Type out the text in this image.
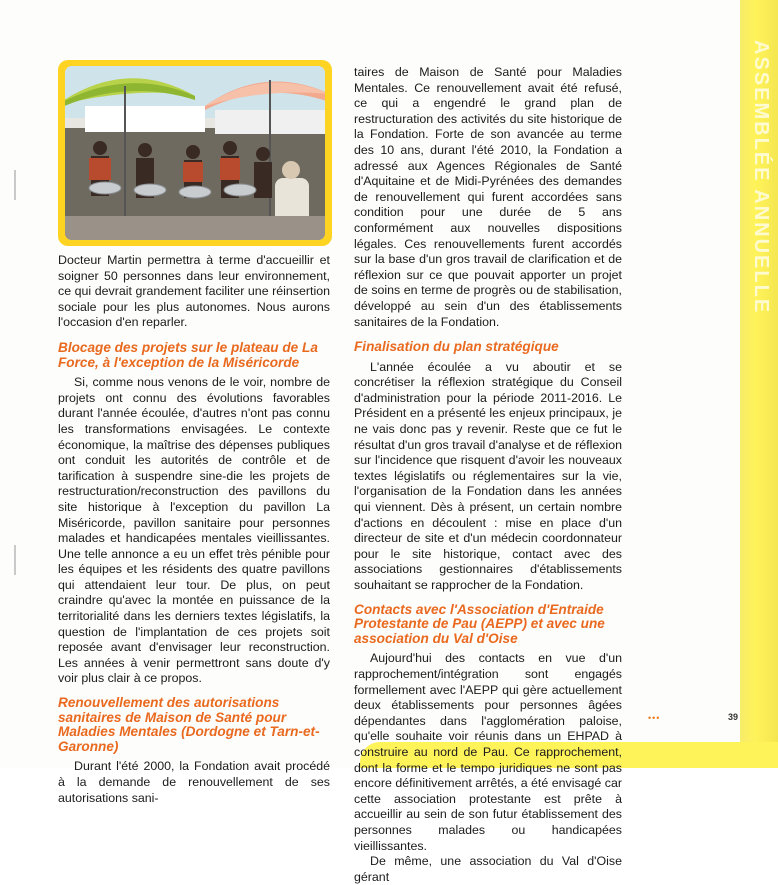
ASSEMBLÉE ANNUELLE

Docteur Martin permettra à terme d'accueillir et soigner 50 personnes dans leur environnement, ce qui devrait grandement faciliter une réinsertion sociale pour les plus autonomes. Nous aurons l'occasion d'en reparler.

Blocage des projets sur le plateau de La Force, à l'exception de la Miséricorde

Si, comme nous venons de le voir, nombre de projets ont connu des évolutions favorables durant l'année écoulée, d'autres n'ont pas connu les transformations envisagées. Le contexte économique, la maîtrise des dépenses publiques ont conduit les autorités de contrôle et de tarification à suspendre sine-die les projets de restructuration/reconstruction des pavillons du site historique à l'exception du pavillon La Miséricorde, pavillon sanitaire pour personnes malades et handicapées mentales vieillissantes. Une telle annonce a eu un effet très pénible pour les équipes et les résidents des quatre pavillons qui attendaient leur tour. De plus, on peut craindre qu'avec la montée en puissance de la territorialité dans les derniers textes législatifs, la question de l'implantation de ces projets soit reposée avant d'envisager leur reconstruction. Les années à venir permettront sans doute d'y voir plus clair à ce propos.

Renouvellement des autorisations sanitaires de Maison de Santé pour Maladies Mentales (Dordogne et Tarn-et-Garonne)

Durant l'été 2000, la Fondation avait procédé à la demande de renouvellement de ses autorisations sani-

taires de Maison de Santé pour Maladies Mentales. Ce renouvellement avait été refusé, ce qui a engendré le grand plan de restructuration des activités du site historique de la Fondation. Forte de son avancée au terme des 10 ans, durant l'été 2010, la Fondation a adressé aux Agences Régionales de Santé d'Aquitaine et de Midi-Pyrénées des demandes de renouvellement qui furent accordées sans condition pour une durée de 5 ans conformément aux nouvelles dispositions légales. Ces renouvellements furent accordés sur la base d'un gros travail de clarification et de réflexion sur ce que pouvait apporter un projet de soins en terme de progrès ou de stabilisation, développé au sein d'un des établissements sanitaires de la Fondation.

Finalisation du plan stratégique

L'année écoulée a vu aboutir et se concrétiser la réflexion stratégique du Conseil d'administration pour la période 2011-2016. Le Président en a présenté les enjeux principaux, je ne vais donc pas y revenir. Reste que ce fut le résultat d'un gros travail d'analyse et de réflexion sur l'incidence que risquent d'avoir les nouveaux textes législatifs ou réglementaires sur la vie, l'organisation de la Fondation dans les années qui viennent. Dès à présent, un certain nombre d'actions en découlent : mise en place d'un directeur de site et d'un médecin coordonnateur pour le site historique, contact avec des associations gestionnaires d'établissements souhaitant se rapprocher de la Fondation.

Contacts avec l'Association d'Entraide Protestante de Pau (AEPP) et avec une association du Val d'Oise

Aujourd'hui des contacts en vue d'un rapprochement/intégration sont engagés formellement avec l'AEPP qui gère actuellement deux établissements pour personnes âgées dépendantes dans l'agglomération paloise, qu'elle souhaite voir réunis dans un EHPAD à construire au nord de Pau. Ce rapprochement, dont la forme et le tempo juridiques ne sont pas encore définitivement arrêtés, a été envisagé car cette association protestante est prête à accueillir au sein de son futur établissement des personnes malades ou handicapées vieillissantes.

De même, une association du Val d'Oise gérant

•••	39
